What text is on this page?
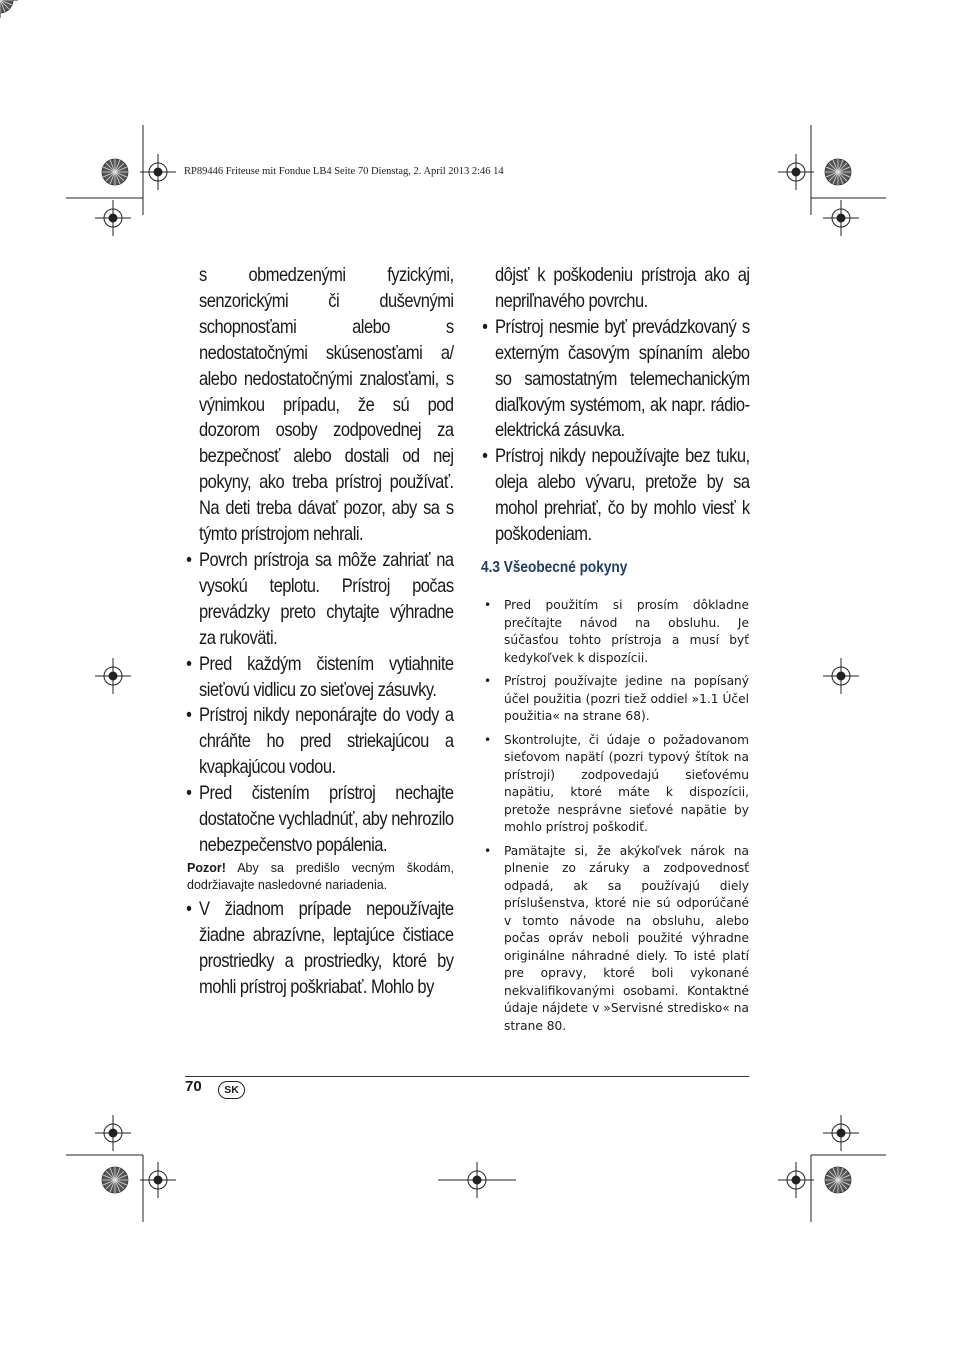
RP89446 Friteuse mit Fondue LB4 Seite 70 Dienstag, 2. April 2013 2:46 14

s obmedzenými fyzickými, senzorickými či duševnými schopnosťami alebo s nedostatočnými skúsenosťami a/ alebo nedostatočnými znalosťami, s výnimkou prípadu, že sú pod dozorom osoby zodpovednej za bezpečnosť alebo dostali od nej pokyny, ako treba prístroj používať. Na deti treba dávať pozor, aby sa s týmto prístrojom nehrali.

• Povrch prístroja sa môže zahriať na vysokú teplotu. Prístroj počas prevádzky preto chytajte výhradne za rukoväti.
• Pred každým čistením vytiahnite sieťovú vidlicu zo sieťovej zásuvky.
• Prístroj nikdy neponárajte do vody a chráňte ho pred striekajúcou a kvapkajúcou vodou.
• Pred čistením prístroj nechajte dostatočne vychladnúť, aby nehrozilo nebezpečenstvo popálenia.
Pozor! Aby sa predišlo vecným škodám, dodržiavajte nasledovné nariadenia.
• V žiadnom prípade nepoužívajte žiadne abrazívne, leptajúce čistiace prostriedky a prostriedky, ktoré by mohli prístroj poškriabať. Mohlo by

dôjsť k poškodeniu prístroja ako aj nepriľnavého povrchu.

• Prístroj nesmie byť prevádzkovaný s externým časovým spínaním alebo so samostatným telemechanickým diaľkovým systémom, ak napr. rádio-elektrická zásuvka.
• Prístroj nikdy nepoužívajte bez tuku, oleja alebo vývaru, pretože by sa mohol prehriať, čo by mohlo viesť k poškodeniam.
4.3 Všeobecné pokyny
• Pred použitím si prosím dôkladne prečítajte návod na obsluhu. Je súčasťou tohto prístroja a musí byť kedykoľvek k dispozícii.
• Prístroj používajte jedine na popísaný účel použitia (pozri tiež oddiel »1.1 Účel použitia« na strane 68).
• Skontrolujte, či údaje o požadovanom sieťovom napätí (pozri typový štítok na prístroji) zodpovedajú sieťovému napätiu, ktoré máte k dispozícii, pretože nesprávne sieťové napätie by mohlo prístroj poškodiť.
• Pamätajte si, že akýkoľvek nárok na plnenie zo záruky a zodpovednosť odpadá, ak sa používajú diely príslušenstva, ktoré nie sú odporúčané v tomto návode na obsluhu, alebo počas opráv neboli použité výhradne originálne náhradné diely. To isté platí pre opravy, ktoré boli vykonané nekvalifikovanými osobami. Kontaktné údaje nájdete v »Servisné stredisko« na strane 80.
70	SK
